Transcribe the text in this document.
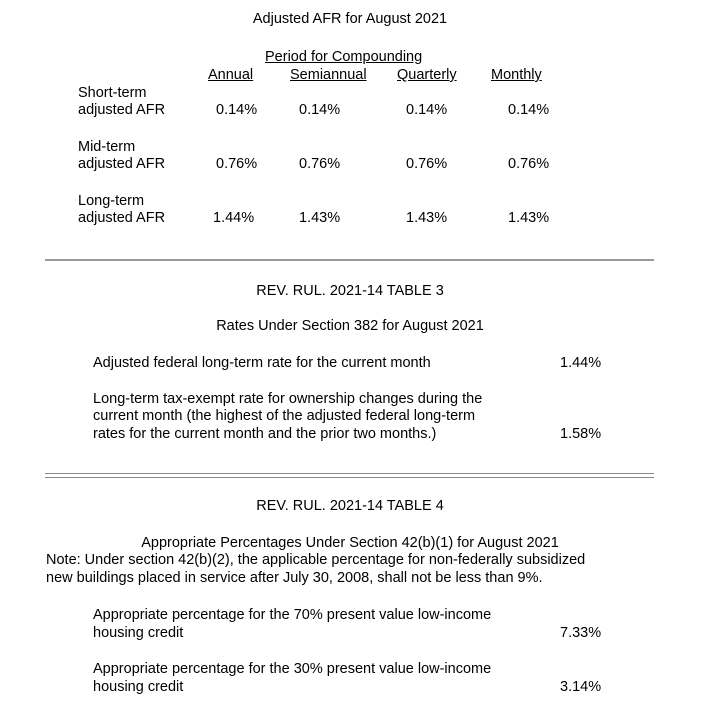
Adjusted AFR for August 2021
Period for Compounding
Annual	Semiannual Quarterly Monthly
Short-term
adjusted AFR	0.14%	0.14%	0.14%	0.14%
Mid-term
adjusted AFR	0.76%	0.76%	0.76%	0.76%
Long-term
adjusted AFR	1.44%	1.43%	1.43%	1.43%
REV. RUL. 2021-14 TABLE 3
Rates Under Section 382 for August 2021
Adjusted federal long-term rate for the current month	1.44%
Long-term tax-exempt rate for ownership changes during the
current month (the highest of the adjusted federal long-term
rates for the current month and the prior two months.)	1.58%
REV. RUL. 2021-14 TABLE 4
Appropriate Percentages Under Section 42(b)(1) for August 2021
Note: Under section 42(b)(2), the applicable percentage for non-federally subsidized
new buildings placed in service after July 30, 2008, shall not be less than 9%.
Appropriate percentage for the 70% present value low-income
housing credit	7.33%
Appropriate percentage for the 30% present value low-income
housing credit	3.14%
